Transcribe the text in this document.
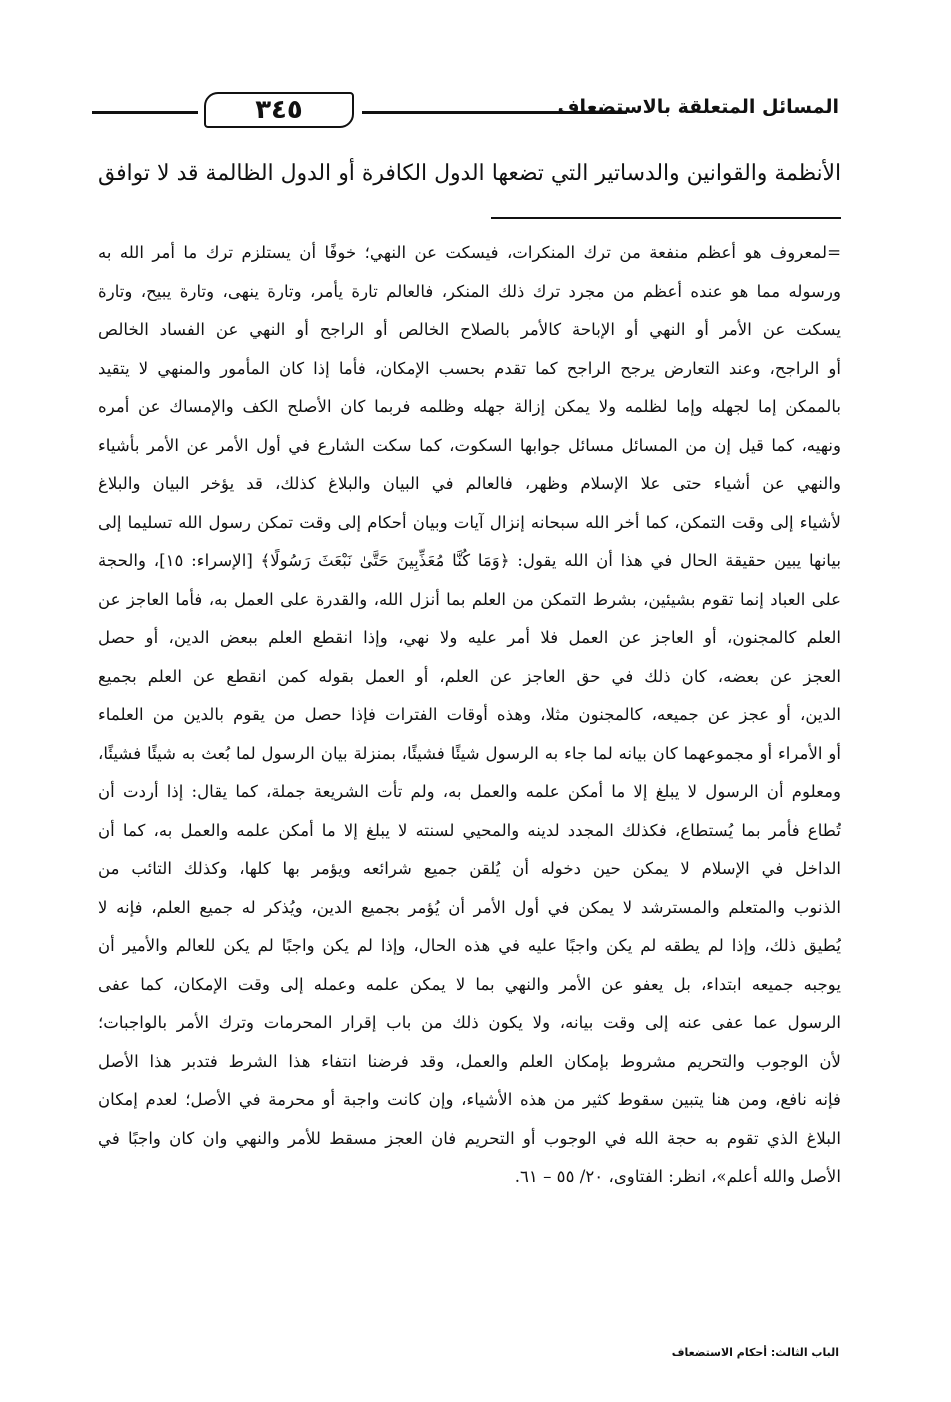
٣٤٥	المسائل المتعلقة بالاستضعاف
الأنظمة والقوانين والدساتير التي تضعها الدول الكافرة أو الدول الظالمة قد لا توافق
=لمعروف هو أعظم منفعة من ترك المنكرات، فيسكت عن النهي؛ خوفًا أن يستلزم ترك ما أمر الله به
ورسوله مما هو عنده أعظم من مجرد ترك ذلك المنكر، فالعالم تارة يأمر، وتارة ينهى، وتارة يبيح، وتارة
يسكت عن الأمر أو النهي أو الإباحة كالأمر بالصلاح الخالص أو الراجح أو النهي عن الفساد الخالص
أو الراجح، وعند التعارض يرجح الراجح كما تقدم بحسب الإمكان، فأما إذا كان المأمور والمنهي لا يتقيد
بالممكن إما لجهله وإما لظلمه ولا يمكن إزالة جهله وظلمه فربما كان الأصلح الكف والإمساك عن أمره
ونهيه، كما قيل إن من المسائل مسائل جوابها السكوت، كما سكت الشارع في أول الأمر عن الأمر بأشياء
والنهي عن أشياء حتى علا الإسلام وظهر، فالعالم في البيان والبلاغ كذلك، قد يؤخر البيان والبلاغ
لأشياء إلى وقت التمكن، كما أخر الله سبحانه إنزال آيات وبيان أحكام إلى وقت تمكن رسول الله تسليما إلى
بيانها يبين حقيقة الحال في هذا أن الله يقول: ﴿وَمَا كُنَّا مُعَذِّبِينَ حَتَّىٰ نَبْعَثَ رَسُولًا﴾ [الإسراء: ١٥]، والحجة
على العباد إنما تقوم بشيئين، بشرط التمكن من العلم بما أنزل الله، والقدرة على العمل به، فأما العاجز عن
العلم كالمجنون، أو العاجز عن العمل فلا أمر عليه ولا نهي، وإذا انقطع العلم ببعض الدين، أو حصل
العجز عن بعضه، كان ذلك في حق العاجز عن العلم، أو العمل بقوله كمن انقطع عن العلم بجميع
الدين، أو عجز عن جميعه، كالمجنون مثلا، وهذه أوقات الفترات فإذا حصل من يقوم بالدين من العلماء
أو الأمراء أو مجموعهما كان بيانه لما جاء به الرسول شيئًا فشيئًا، بمنزلة بيان الرسول لما بُعث به شيئًا فشيئًا،
ومعلوم أن الرسول لا يبلغ إلا ما أمكن علمه والعمل به، ولم تأت الشريعة جملة، كما يقال: إذا أردت أن
تُطاع فأمر بما يُستطاع، فكذلك المجدد لدينه والمحيي لسنته لا يبلغ إلا ما أمكن علمه والعمل به، كما أن
الداخل في الإسلام لا يمكن حين دخوله أن يُلقن جميع شرائعه ويؤمر بها كلها، وكذلك التائب من
الذنوب والمتعلم والمسترشد لا يمكن في أول الأمر أن يُؤمر بجميع الدين، ويُذكر له جميع العلم، فإنه لا
يُطيق ذلك، وإذا لم يطقه لم يكن واجبًا عليه في هذه الحال، وإذا لم يكن واجبًا لم يكن للعالم والأمير أن
يوجبه جميعه ابتداء، بل يعفو عن الأمر والنهي بما لا يمكن علمه وعمله إلى وقت الإمكان، كما عفى
الرسول عما عفى عنه إلى وقت بيانه، ولا يكون ذلك من باب إقرار المحرمات وترك الأمر بالواجبات؛
لأن الوجوب والتحريم مشروط بإمكان العلم والعمل، وقد فرضنا انتفاء هذا الشرط فتدبر هذا الأصل
فإنه نافع، ومن هنا يتبين سقوط كثير من هذه الأشياء، وإن كانت واجبة أو محرمة في الأصل؛ لعدم إمكان
البلاغ الذي تقوم به حجة الله في الوجوب أو التحريم فان العجز مسقط للأمر والنهي وان كان واجبًا في
الأصل والله أعلم»، انظر: الفتاوى، ٢٠/ ٥٥ – ٦١.
الباب الثالث: أحكام الاستضعاف
